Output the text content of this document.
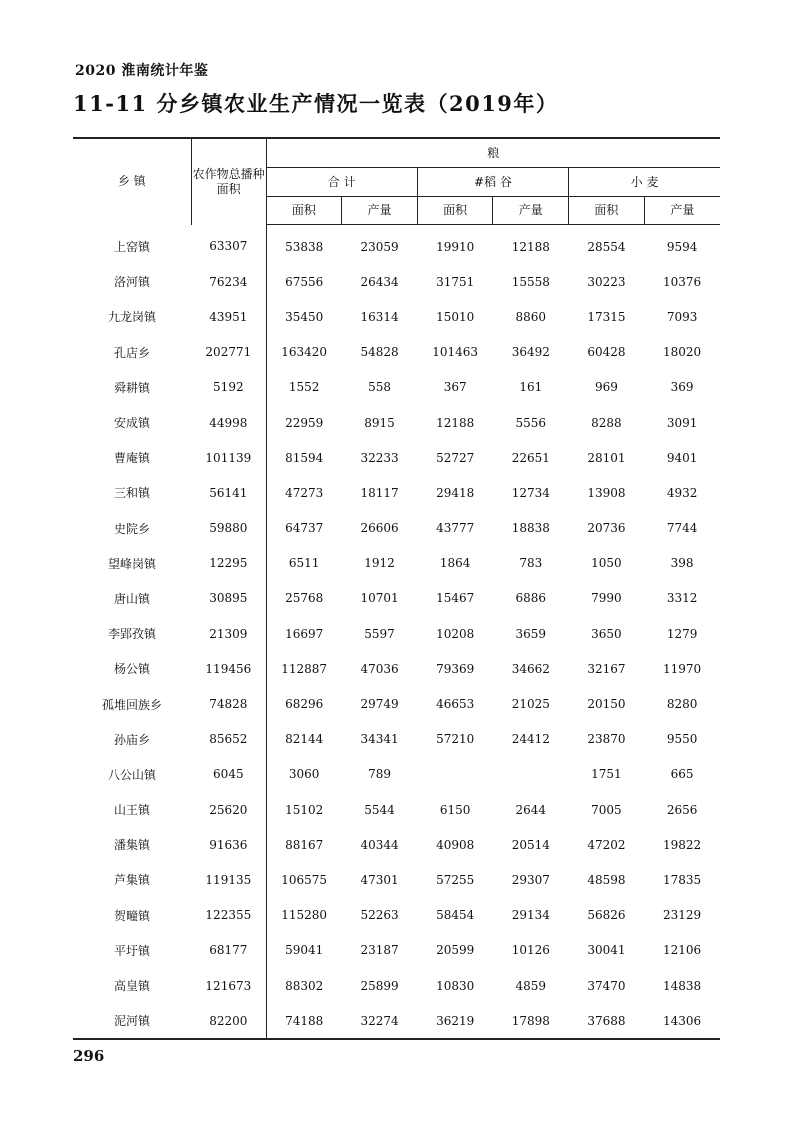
2020 淮南统计年鉴
11-11 分乡镇农业生产情况一览表（2019年）
乡 镇	农作物总播种面积	粮					
		合 计		#稻 谷		小 麦	
		面积	产量	面积	产量	面积	产量
上窑镇	63307	53838	23059	19910	12188	28554	9594
洛河镇	76234	67556	26434	31751	15558	30223	10376
九龙岗镇	43951	35450	16314	15010	8860	17315	7093
孔店乡	202771	163420	54828	101463	36492	60428	18020
舜耕镇	5192	1552	558	367	161	969	369
安成镇	44998	22959	8915	12188	5556	8288	3091
曹庵镇	101139	81594	32233	52727	22651	28101	9401
三和镇	56141	47273	18117	29418	12734	13908	4932
史院乡	59880	64737	26606	43777	18838	20736	7744
望峰岗镇	12295	6511	1912	1864	783	1050	398
唐山镇	30895	25768	10701	15467	6886	7990	3312
李郢孜镇	21309	16697	5597	10208	3659	3650	1279
杨公镇	119456	112887	47036	79369	34662	32167	11970
孤堆回族乡	74828	68296	29749	46653	21025	20150	8280
孙庙乡	85652	82144	34341	57210	24412	23870	9550
八公山镇	6045	3060	789			1751	665
山王镇	25620	15102	5544	6150	2644	7005	2656
潘集镇	91636	88167	40344	40908	20514	47202	19822
芦集镇	119135	106575	47301	57255	29307	48598	17835
贺疃镇	122355	115280	52263	58454	29134	56826	23129
平圩镇	68177	59041	23187	20599	10126	30041	12106
高皇镇	121673	88302	25899	10830	4859	37470	14838
泥河镇	82200	74188	32274	36219	17898	37688	14306
296
